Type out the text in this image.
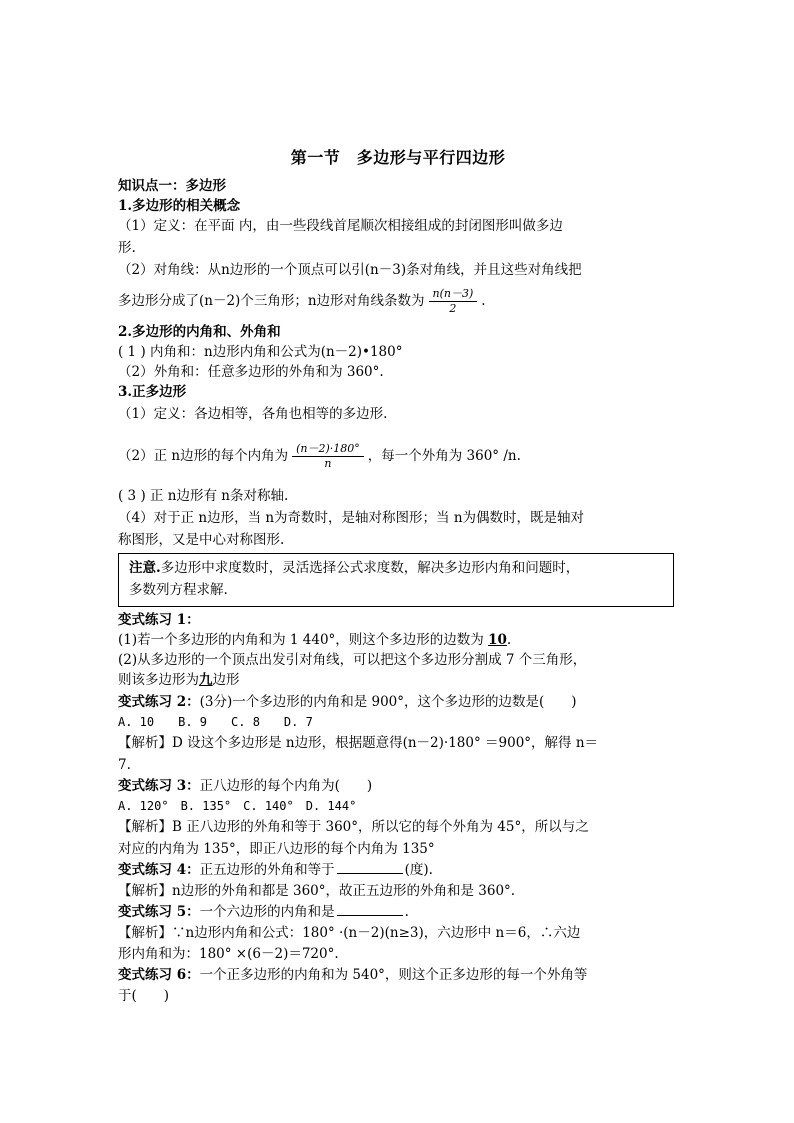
第一节　多边形与平行四边形
知识点一：多边形
1.多边形的相关概念
（1）定义：在平面 内，由一些段线首尾顺次相接组成的封闭图形叫做多边
形.
（2）对角线：从n边形的一个顶点可以引(n－3)条对角线，并且这些对角线把
多边形分成了(n－2)个三角形；n边形对角线条数为 $\frac{n(n-3)}{2}$ .
2.多边形的内角和、外角和
( 1 ) 内角和：n边形内角和公式为(n－2)•180°
（2）外角和：任意多边形的外角和为 360°.
3.正多边形
（1）定义：各边相等，各角也相等的多边形.
（2）正 n边形的每个内角为 $\frac{(n-2)\cdot 180^\circ}{n}$ ，每一个外角为 360° /n.
( 3 ) 正 n边形有 n条对称轴.
（4）对于正 n边形，当 n为奇数时，是轴对称图形；当 n为偶数时，既是轴对
称图形，又是中心对称图形.
注意.多边形中求度数时，灵活选择公式求度数，解决多边形内角和问题时，
多数列方程求解.
变式练习 1：
(1)若一个多边形的内角和为 1 440°，则这个多边形的边数为 10.
(2)从多边形的一个顶点出发引对角线，可以把这个多边形分割成 7 个三角形，
则该多边形为九边形
变式练习 2：(3分)一个多边形的内角和是 900°，这个多边形的边数是(　　)
A. 10　　B. 9　　C. 8　　D. 7
【解析】D 设这个多边形是 n边形，根据题意得(n－2)·180° ＝900°，解得 n＝
7.
变式练习 3：正八边形的每个内角为(　　)
A. 120°　B. 135°　C. 140°　D. 144°
【解析】B 正八边形的外角和等于 360°，所以它的每个外角为 45°，所以与之
对应的内角为 135°，即正八边形的每个内角为 135°
变式练习 4：正五边形的外角和等于	(度).
【解析】n边形的外角和都是 360°，故正五边形的外角和是 360°.
变式练习 5：一个六边形的内角和是	.
【解析】∵n边形内角和公式：180° ·(n－2)(n≥3)，六边形中 n＝6，∴六边
形内角和为：180° ×(6－2)＝720°.
变式练习 6：一个正多边形的内角和为 540°，则这个正多边形的每一个外角等
于(　　)
